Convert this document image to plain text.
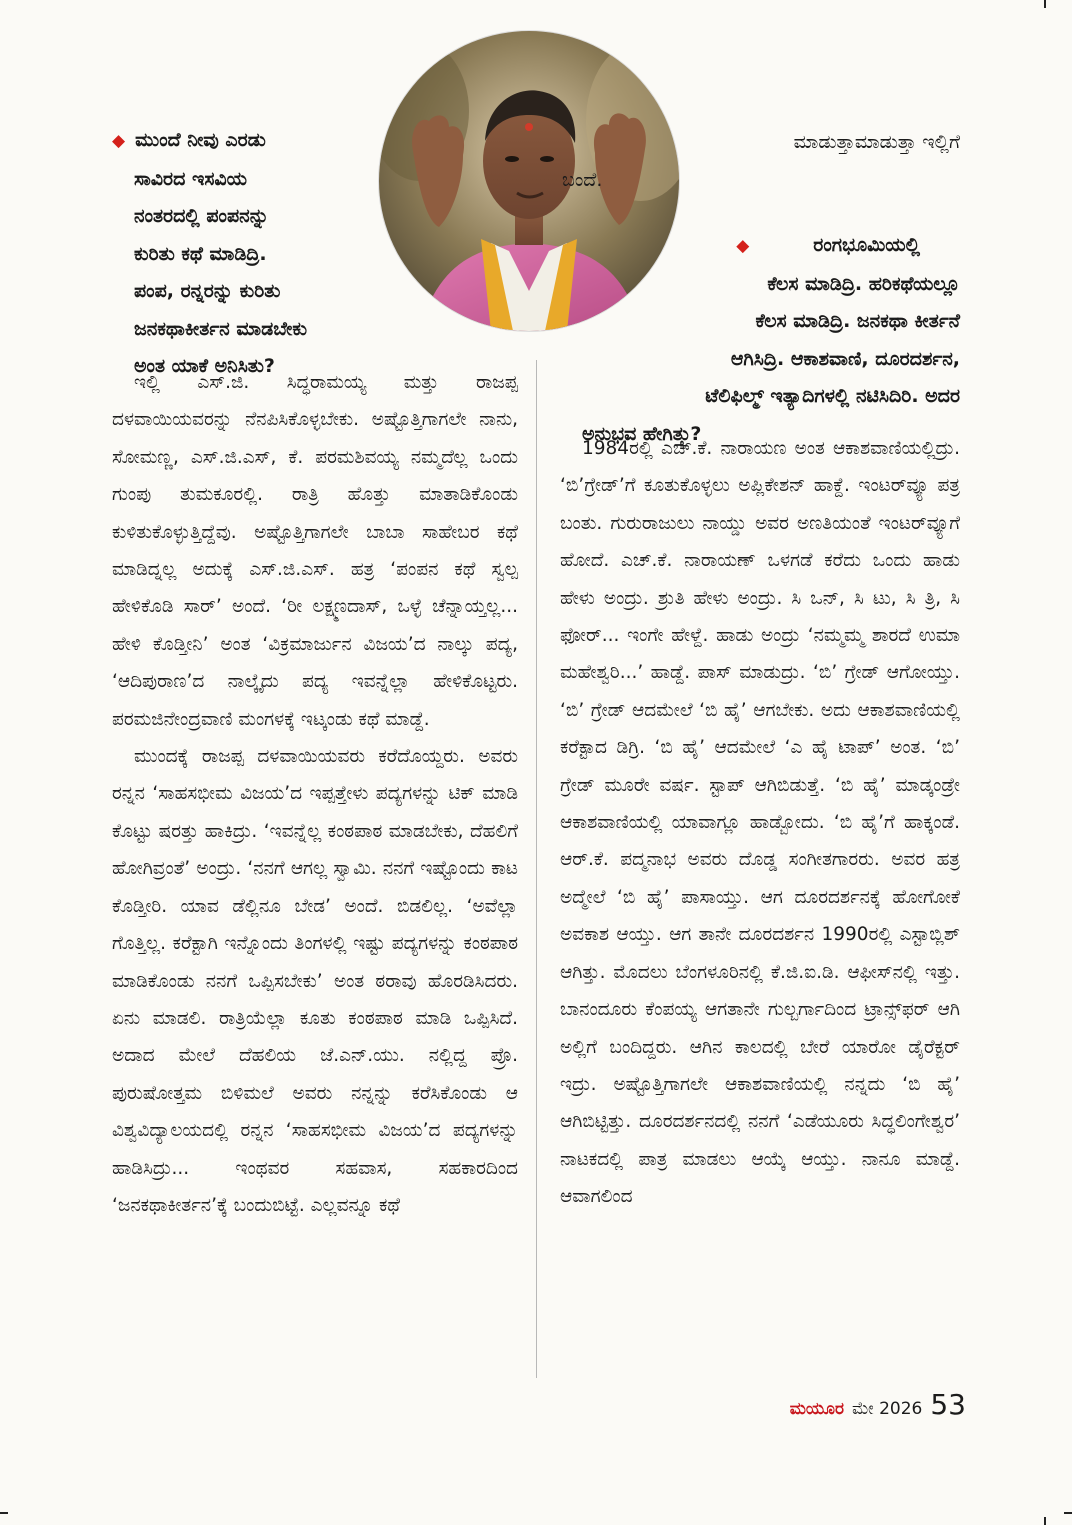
◆ ಮುಂದೆ ನೀವು ಎರಡು
ಸಾವಿರದ ಇಸವಿಯ
ನಂತರದಲ್ಲಿ ಪಂಪನನ್ನು
ಕುರಿತು ಕಥೆ ಮಾಡಿದ್ರಿ.
ಪಂಪ, ರನ್ನರನ್ನು ಕುರಿತು
ಜನಕಥಾಕೀರ್ತನ ಮಾಡಬೇಕು
ಅಂತ ಯಾಕೆ ಅನಿಸಿತು?

ಇಲ್ಲಿ ಎಸ್.ಜಿ. ಸಿದ್ಧರಾಮಯ್ಯ ಮತ್ತು ರಾಜಪ್ಪ ದಳವಾಯಿಯವರನ್ನು ನೆನಪಿಸಿಕೊಳ್ಳಬೇಕು. ಅಷ್ಟೊತ್ತಿಗಾಗಲೇ ನಾನು, ಸೋಮಣ್ಣ, ಎಸ್.ಜಿ.ಎಸ್, ಕೆ. ಪರಮಶಿವಯ್ಯ ನಮ್ಮದೆಲ್ಲ ಒಂದು ಗುಂಪು ತುಮಕೂರಲ್ಲಿ. ರಾತ್ರಿ ಹೊತ್ತು ಮಾತಾಡಿಕೊಂಡು ಕುಳಿತುಕೊಳ್ಳುತ್ತಿದ್ದೆವು. ಅಷ್ಟೊತ್ತಿಗಾಗಲೇ ಬಾಬಾ ಸಾಹೇಬರ ಕಥೆ ಮಾಡಿದ್ನಲ್ಲ ಅದುಕ್ಕೆ ಎಸ್.ಜಿ.ಎಸ್. ಹತ್ರ ‘ಪಂಪನ ಕಥೆ ಸ್ವಲ್ಪ ಹೇಳಿಕೊಡಿ ಸಾರ್’ ಅಂದೆ. ‘ರೀ ಲಕ್ಷ್ಮಣದಾಸ್, ಒಳ್ಳೆ ಚೆನ್ನಾಯ್ತಲ್ಲ... ಹೇಳಿ ಕೊಡ್ತೀನಿ’ ಅಂತ ‘ವಿಕ್ರಮಾರ್ಜುನ ವಿಜಯ’ದ ನಾಲ್ಕು ಪದ್ಯ, ‘ಆದಿಪುರಾಣ’ದ ನಾಲ್ಕೈದು ಪದ್ಯ ಇವನ್ನೆಲ್ಲಾ ಹೇಳಿಕೊಟ್ಟರು. ಪರಮಜಿನೇಂದ್ರವಾಣಿ ಮಂಗಳಕ್ಕೆ ಇಟ್ಕಂಡು ಕಥೆ ಮಾಡ್ದೆ.

ಮುಂದಕ್ಕೆ ರಾಜಪ್ಪ ದಳವಾಯಿಯವರು ಕರೆದೊಯ್ದರು. ಅವರು ರನ್ನನ ‘ಸಾಹಸಭೀಮ ವಿಜಯ’ದ ಇಪ್ಪತ್ತೇಳು ಪದ್ಯಗಳನ್ನು ಟಿಕ್ ಮಾಡಿ ಕೊಟ್ಟು ಷರತ್ತು ಹಾಕಿದ್ರು. ‘ಇವನ್ನೆಲ್ಲ ಕಂಠಪಾಠ ಮಾಡಬೇಕು, ದೆಹಲಿಗೆ ಹೋಗಿವ್ರಂತೆ’ ಅಂದ್ರು. ‘ನನಗೆ ಆಗಲ್ಲ ಸ್ವಾಮಿ. ನನಗೆ ಇಷ್ಟೊಂದು ಕಾಟ ಕೊಡ್ತೀರಿ. ಯಾವ ಡೆಲ್ಲಿನೂ ಬೇಡ’ ಅಂದೆ. ಬಿಡಲಿಲ್ಲ. ‘ಅವೆಲ್ಲಾ ಗೊತ್ತಿಲ್ಲ. ಕರೆಕ್ಟಾಗಿ ಇನ್ನೊಂದು ತಿಂಗಳಲ್ಲಿ ಇಷ್ಟು ಪದ್ಯಗಳನ್ನು ಕಂಠಪಾಠ ಮಾಡಿಕೊಂಡು ನನಗೆ ಒಪ್ಪಿಸಬೇಕು’ ಅಂತ ಠರಾವು ಹೊರಡಿಸಿದರು. ಏನು ಮಾಡಲಿ. ರಾತ್ರಿಯೆಲ್ಲಾ ಕೂತು ಕಂಠಪಾಠ ಮಾಡಿ ಒಪ್ಪಿಸಿದೆ. ಅದಾದ ಮೇಲೆ ದೆಹಲಿಯ ಜೆ.ಎನ್.ಯು. ನಲ್ಲಿದ್ದ ಪ್ರೊ. ಪುರುಷೋತ್ತಮ ಬಿಳಿಮಲೆ ಅವರು ನನ್ನನ್ನು ಕರೆಸಿಕೊಂಡು ಆ ವಿಶ್ವವಿದ್ಯಾಲಯದಲ್ಲಿ ರನ್ನನ ‘ಸಾಹಸಭೀಮ ವಿಜಯ’ದ ಪದ್ಯಗಳನ್ನು ಹಾಡಿಸಿದ್ರು... ಇಂಥವರ ಸಹವಾಸ, ಸಹಕಾರದಿಂದ ‘ಜನಕಥಾಕೀರ್ತನ’ಕ್ಕೆ ಬಂದುಬಿಟ್ಟೆ. ಎಲ್ಲವನ್ನೂ ಕಥೆ

ಮಾಡುತ್ತಾಮಾಡುತ್ತಾ ಇಲ್ಲಿಗೆ
ಬಂದೆ.
◆	ರಂಗಭೂಮಿಯಲ್ಲಿ
ಕೆಲಸ ಮಾಡಿದ್ರಿ. ಹರಿಕಥೆಯಲ್ಲೂ
ಕೆಲಸ ಮಾಡಿದ್ರಿ. ಜನಕಥಾ ಕೀರ್ತನೆ
ಆಗಿಸಿದ್ರಿ. ಆಕಾಶವಾಣಿ, ದೂರದರ್ಶನ,
ಟೆಲಿಫಿಲ್ಮ್ ಇತ್ಯಾದಿಗಳಲ್ಲಿ ನಟಿಸಿದಿರಿ. ಅದರ
ಅನುಭವ ಹೇಗಿತ್ತು?

1984ರಲ್ಲಿ ಎಚ್.ಕೆ. ನಾರಾಯಣ ಅಂತ ಆಕಾಶವಾಣಿಯಲ್ಲಿದ್ರು. ‘ಬಿ’ಗ್ರೇಡ್’ಗೆ ಕೂತುಕೊಳ್ಳಲು ಅಪ್ಲಿಕೇಶನ್ ಹಾಕ್ದೆ. ಇಂಟರ್‌ವ್ಯೂ ಪತ್ರ ಬಂತು. ಗುರುರಾಜುಲು ನಾಯ್ಡು ಅವರ ಅಣತಿಯಂತೆ ಇಂಟರ್‌ವ್ಯೂಗೆ ಹೋದೆ. ಎಚ್.ಕೆ. ನಾರಾಯಣ್ ಒಳಗಡೆ ಕರೆದು ಒಂದು ಹಾಡು ಹೇಳು ಅಂದ್ರು. ಶ್ರುತಿ ಹೇಳು ಅಂದ್ರು. ಸಿ ಒನ್, ಸಿ ಟು, ಸಿ ತ್ರಿ, ಸಿ ಫೋರ್... ಇಂಗೇ ಹೇಳ್ದೆ. ಹಾಡು ಅಂದ್ರು ‘ನಮ್ಮಮ್ಮ ಶಾರದೆ ಉಮಾ ಮಹೇಶ್ವರಿ...’ ಹಾಡ್ದೆ. ಪಾಸ್ ಮಾಡುದ್ರು. ‘ಬಿ’ ಗ್ರೇಡ್ ಆಗೋಯ್ತು. ‘ಬಿ’ ಗ್ರೇಡ್ ಆದಮೇಲೆ ‘ಬಿ ಹೈ’ ಆಗಬೇಕು. ಅದು ಆಕಾಶವಾಣಿಯಲ್ಲಿ ಕರೆಕ್ಟಾದ ಡಿಗ್ರಿ. ‘ಬಿ ಹೈ’ ಆದಮೇಲೆ ‘ಎ ಹೈ ಟಾಪ್’ ಅಂತ. ‘ಬಿ’ ಗ್ರೇಡ್ ಮೂರೇ ವರ್ಷ. ಸ್ಟಾಪ್ ಆಗಿಬಿಡುತ್ತೆ. ‘ಬಿ ಹೈ’ ಮಾಡ್ಕಂಡ್ರೇ ಆಕಾಶವಾಣಿಯಲ್ಲಿ ಯಾವಾಗ್ಲೂ ಹಾಡ್ಬೋದು. ‘ಬಿ ಹೈ’ಗೆ ಹಾಕ್ಕಂಡೆ. ಆರ್.ಕೆ. ಪದ್ಮನಾಭ ಅವರು ದೊಡ್ಡ ಸಂಗೀತಗಾರರು. ಅವರ ಹತ್ರ ಅದ್ಮೇಲೆ ‘ಬಿ ಹೈ’ ಪಾಸಾಯ್ತು. ಆಗ ದೂರದರ್ಶನಕ್ಕೆ ಹೋಗೋಕೆ ಅವಕಾಶ ಆಯ್ತು. ಆಗ ತಾನೇ ದೂರದರ್ಶನ 1990ರಲ್ಲಿ ಎಸ್ಟಾಬ್ಲಿಶ್ ಆಗಿತ್ತು. ಮೊದಲು ಬೆಂಗಳೂರಿನಲ್ಲಿ ಕೆ.ಜಿ.ಐ.ಡಿ. ಆಫೀಸ್‌ನಲ್ಲಿ ಇತ್ತು. ಬಾನಂದೂರು ಕೆಂಪಯ್ಯ ಆಗತಾನೇ ಗುಲ್ಬರ್ಗಾದಿಂದ ಟ್ರಾನ್ಸ್‌ಫರ್ ಆಗಿ ಅಲ್ಲಿಗೆ ಬಂದಿದ್ದರು. ಆಗಿನ ಕಾಲದಲ್ಲಿ ಬೇರೆ ಯಾರೋ ಡೈರೆಕ್ಟರ್ ಇದ್ರು. ಅಷ್ಟೊತ್ತಿಗಾಗಲೇ ಆಕಾಶವಾಣಿಯಲ್ಲಿ ನನ್ನದು ‘ಬಿ ಹೈ’ ಆಗಿಬಿಟ್ಟಿತ್ತು. ದೂರದರ್ಶನದಲ್ಲಿ ನನಗೆ ‘ಎಡೆಯೂರು ಸಿದ್ಧಲಿಂಗೇಶ್ವರ’ ನಾಟಕದಲ್ಲಿ ಪಾತ್ರ ಮಾಡಲು ಆಯ್ಕೆ ಆಯ್ತು. ನಾನೂ ಮಾಡ್ದೆ. ಆವಾಗಲಿಂದ

ಮಯೂರ ಮೇ 2026 53
